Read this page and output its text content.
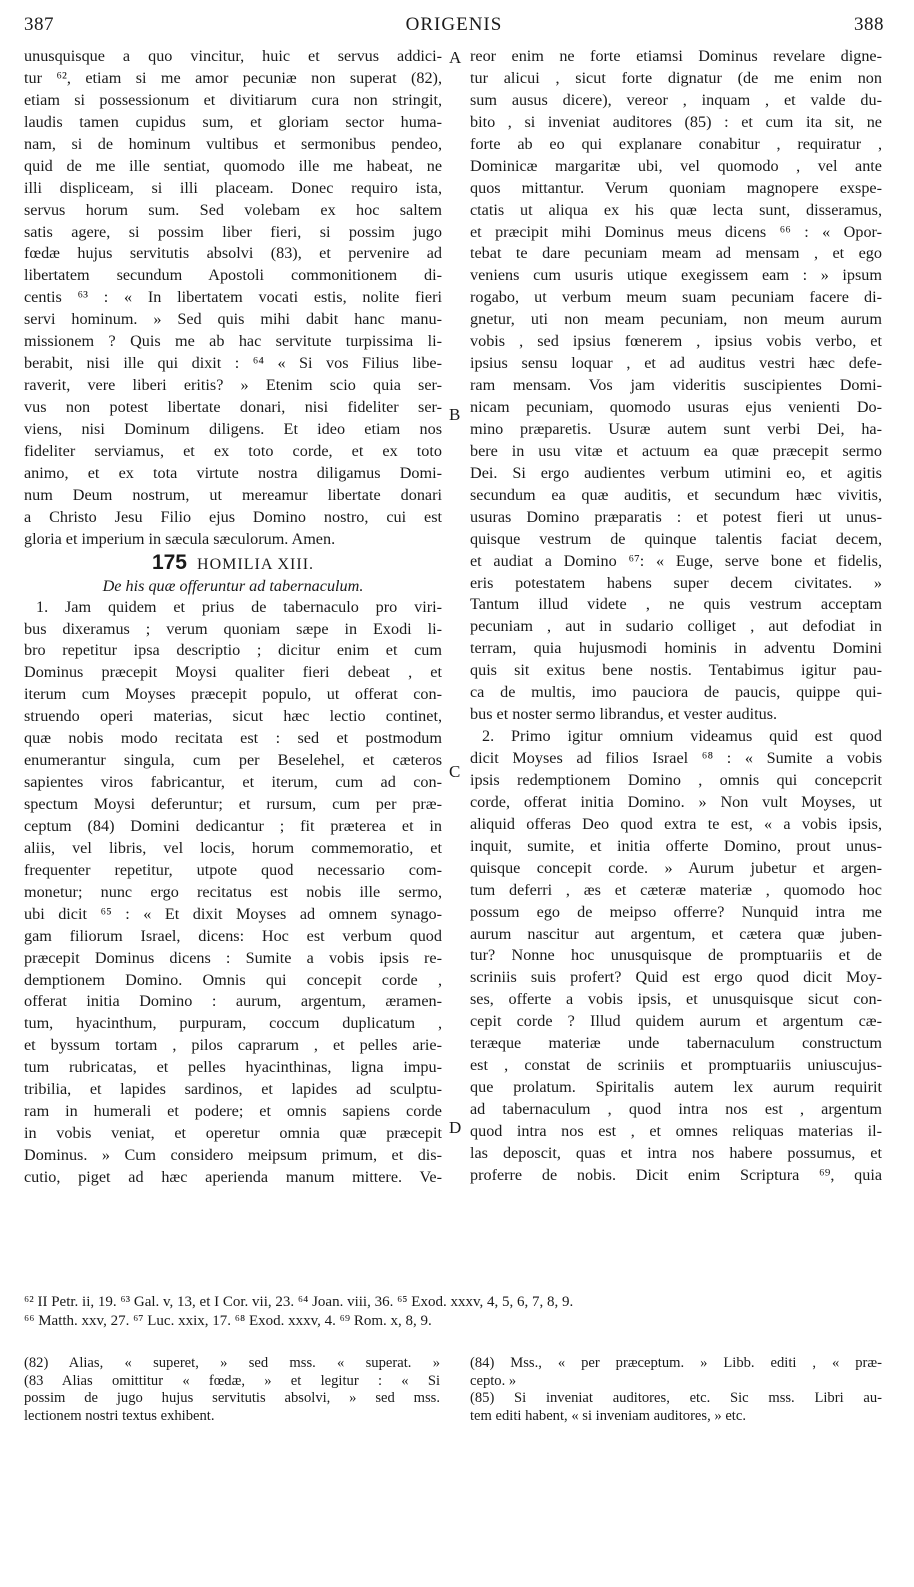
387	ORIGENIS	388
unusquisque a quo vincitur, huic et servus addici-
tur ⁶², etiam si me amor pecuniæ non superat (82),
etiam si possessionum et divitiarum cura non stringit,
laudis tamen cupidus sum, et gloriam sector huma-
nam, si de hominum vultibus et sermonibus pendeo,
quid de me ille sentiat, quomodo ille me habeat, ne
illi displiceam, si illi placeam. Donec requiro ista,
servus horum sum. Sed volebam ex hoc saltem
satis agere, si possim liber fieri, si possim jugo
fœdæ hujus servitutis absolvi (83), et pervenire ad
libertatem secundum Apostoli commonitionem di-
centis ⁶³ : « In libertatem vocati estis, nolite fieri
servi hominum. » Sed quis mihi dabit hanc manu-
missionem ? Quis me ab hac servitute turpissima li-
berabit, nisi ille qui dixit : ⁶⁴ « Si vos Filius libe-
raverit, vere liberi eritis? » Etenim scio quia ser-
vus non potest libertate donari, nisi fideliter ser-
viens, nisi Dominum diligens. Et ideo etiam nos
fideliter serviamus, et ex toto corde, et ex toto
animo, et ex tota virtute nostra diligamus Domi-
num Deum nostrum, ut mereamur libertate donari
a Christo Jesu Filio ejus Domino nostro, cui est
gloria et imperium in sæcula sæculorum. Amen.
175 HOMILIA XIII.
De his quæ offeruntur ad tabernaculum.
1. Jam quidem et prius de tabernaculo pro viri-
bus dixeramus ; verum quoniam sæpe in Exodi li-
bro repetitur ipsa descriptio ; dicitur enim et cum
Dominus præcepit Moysi qualiter fieri debeat , et
iterum cum Moyses præcepit populo, ut offerat con-
struendo operi materias, sicut hæc lectio continet,
quæ nobis modo recitata est : sed et postmodum
enumerantur singula, cum per Beselehel, et cæteros
sapientes viros fabricantur, et iterum, cum ad con-
spectum Moysi deferuntur; et rursum, cum per præ-
ceptum (84) Domini dedicantur ; fit præterea et in
aliis, vel libris, vel locis, horum commemoratio, et
frequenter repetitur, utpote quod necessario com-
monetur; nunc ergo recitatus est nobis ille sermo,
ubi dicit ⁶⁵ : « Et dixit Moyses ad omnem synago-
gam filiorum Israel, dicens: Hoc est verbum quod
præcepit Dominus dicens : Sumite a vobis ipsis re-
demptionem Domino. Omnis qui concepit corde ,
offerat initia Domino : aurum, argentum, æramen-
tum, hyacinthum, purpuram, coccum duplicatum ,
et byssum tortam , pilos caprarum , et pelles arie-
tum rubricatas, et pelles hyacinthinas, ligna impu-
tribilia, et lapides sardinos, et lapides ad sculptu-
ram in humerali et podere; et omnis sapiens corde
in vobis veniat, et operetur omnia quæ præcepit
Dominus. » Cum considero meipsum primum, et dis-
cutio, piget ad hæc aperienda manum mittere. Ve-
reor enim ne forte etiamsi Dominus revelare digne-
tur alicui , sicut forte dignatur (de me enim non
sum ausus dicere), vereor , inquam , et valde du-
bito , si inveniat auditores (85) : et cum ita sit, ne
forte ab eo qui explanare conabitur , requiratur ,
Dominicæ margaritæ ubi, vel quomodo , vel ante
quos mittantur. Verum quoniam magnopere exspe-
ctatis ut aliqua ex his quæ lecta sunt, disseramus,
et præcipit mihi Dominus meus dicens ⁶⁶ : « Opor-
tebat te dare pecuniam meam ad mensam , et ego
veniens cum usuris utique exegissem eam : » ipsum
rogabo, ut verbum meum suam pecuniam facere di-
gnetur, uti non meam pecuniam, non meum aurum
vobis , sed ipsius fœnerem , ipsius vobis verbo, et
ipsius sensu loquar , et ad auditus vestri hæc defe-
ram mensam. Vos jam videritis suscipientes Domi-
nicam pecuniam, quomodo usuras ejus venienti Do-
mino præparetis. Usuræ autem sunt verbi Dei, ha-
bere in usu vitæ et actuum ea quæ præcepit sermo
Dei. Si ergo audientes verbum utimini eo, et agitis
secundum ea quæ auditis, et secundum hæc vivitis,
usuras Domino præparatis : et potest fieri ut unus-
quisque vestrum de quinque talentis faciat decem,
et audiat a Domino ⁶⁷: « Euge, serve bone et fidelis,
eris potestatem habens super decem civitates. »
Tantum illud videte , ne quis vestrum acceptam
pecuniam , aut in sudario colliget , aut defodiat in
terram, quia hujusmodi hominis in adventu Domini
quis sit exitus bene nostis. Tentabimus igitur pau-
ca de multis, imo pauciora de paucis, quippe qui-
bus et noster sermo librandus, et vester auditus.
2. Primo igitur omnium videamus quid est quod
dicit Moyses ad filios Israel ⁶⁸ : « Sumite a vobis
ipsis redemptionem Domino , omnis qui concepcrit
corde, offerat initia Domino. » Non vult Moyses, ut
aliquid offeras Deo quod extra te est, « a vobis ipsis,
inquit, sumite, et initia offerte Domino, prout unus-
quisque concepit corde. » Aurum jubetur et argen-
tum deferri , æs et cæteræ materiæ , quomodo hoc
possum ego de meipso offerre? Nunquid intra me
aurum nascitur aut argentum, et cætera quæ juben-
tur? Nonne hoc unusquisque de promptuariis et de
scriniis suis profert? Quid est ergo quod dicit Moy-
ses, offerte a vobis ipsis, et unusquisque sicut con-
cepit corde ? Illud quidem aurum et argentum cæ-
teræque materiæ unde tabernaculum constructum
est , constat de scriniis et promptuariis uniuscujus-
que prolatum. Spiritalis autem lex aurum requirit
ad tabernaculum , quod intra nos est , argentum
quod intra nos est , et omnes reliquas materias il-
las deposcit, quas et intra nos habere possumus, et
proferre de nobis. Dicit enim Scriptura ⁶⁹, quia
A
B
C
D
⁶² II Petr. ii, 19. ⁶³ Gal. v, 13, et I Cor. vii, 23. ⁶⁴ Joan. viii, 36. ⁶⁵ Exod. xxxv, 4, 5, 6, 7, 8, 9.
⁶⁶ Matth. xxv, 27. ⁶⁷ Luc. xxix, 17. ⁶⁸ Exod. xxxv, 4. ⁶⁹ Rom. x, 8, 9.
(82) Alias, « superet, » sed mss. « superat. »
(83 Alias omittitur « fœdæ, » et legitur : « Si
possim de jugo hujus servitutis absolvi, » sed mss.
lectionem nostri textus exhibent.
(84) Mss., « per præceptum. » Libb. editi , « præ-
cepto. »
(85) Si inveniat auditores, etc. Sic mss. Libri au-
tem editi habent, « si inveniam auditores, » etc.
